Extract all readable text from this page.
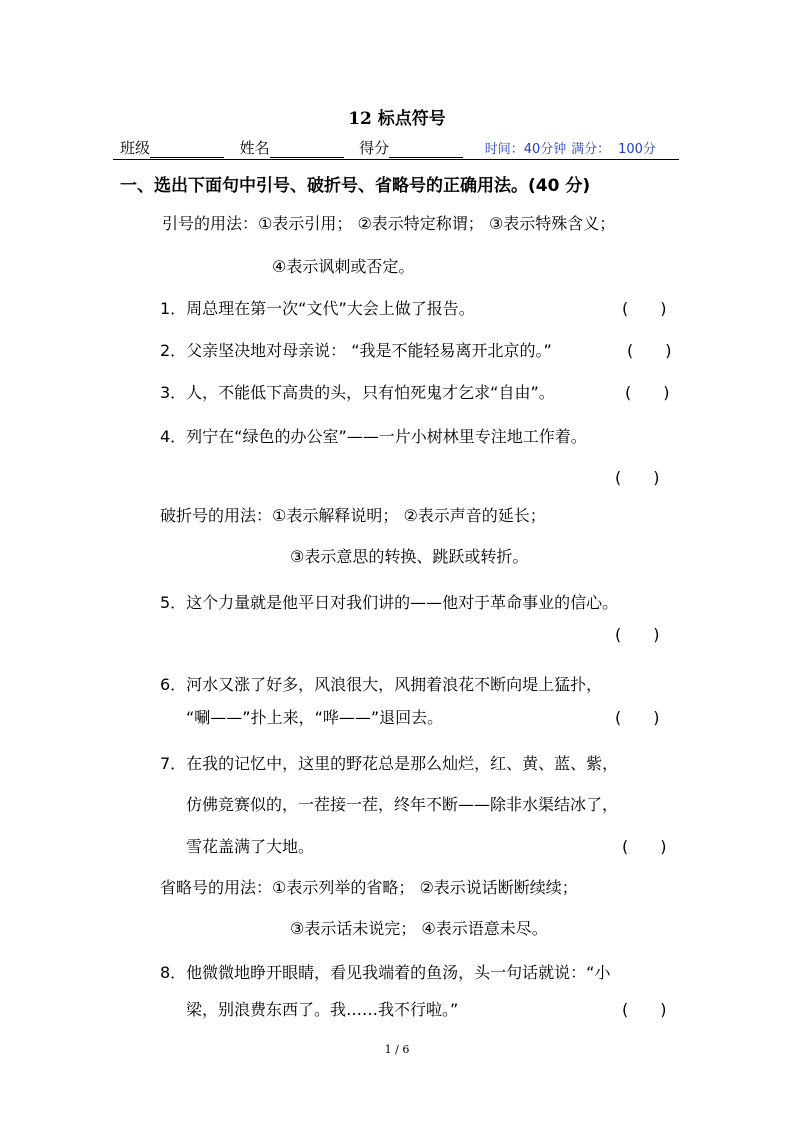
12 标点符号
班级	姓名	得分	时间：40分钟 满分： 100分
一、选出下面句中引号、破折号、省略号的正确用法。(40 分)
引号的用法：①表示引用； ②表示特定称谓； ③表示特殊含义；
④表示讽刺或否定。
1．周总理在第一次“文代”大会上做了报告。	(　　)
2．父亲坚决地对母亲说： “我是不能轻易离开北京的。”	(　　)
3．人，不能低下高贵的头，只有怕死鬼才乞求“自由”。	(　　)
4．列宁在“绿色的办公室”——一片小树林里专注地工作着。
(　　)
破折号的用法：①表示解释说明； ②表示声音的延长；
③表示意思的转换、跳跃或转折。
5．这个力量就是他平日对我们讲的——他对于革命事业的信心。
(　　)
6．河水又涨了好多，风浪很大，风拥着浪花不断向堤上猛扑，
“唰——”扑上来，“哗——”退回去。	(　　)
7．在我的记忆中，这里的野花总是那么灿烂，红、黄、蓝、紫，
仿佛竞赛似的，一茬接一茬，终年不断——除非水渠结冰了，
雪花盖满了大地。	(　　)
省略号的用法：①表示列举的省略； ②表示说话断断续续；
③表示话未说完； ④表示语意未尽。
8．他微微地睁开眼睛，看见我端着的鱼汤，头一句话就说：“小
梁，别浪费东西了。我……我不行啦。”	(　　)
1 / 6
